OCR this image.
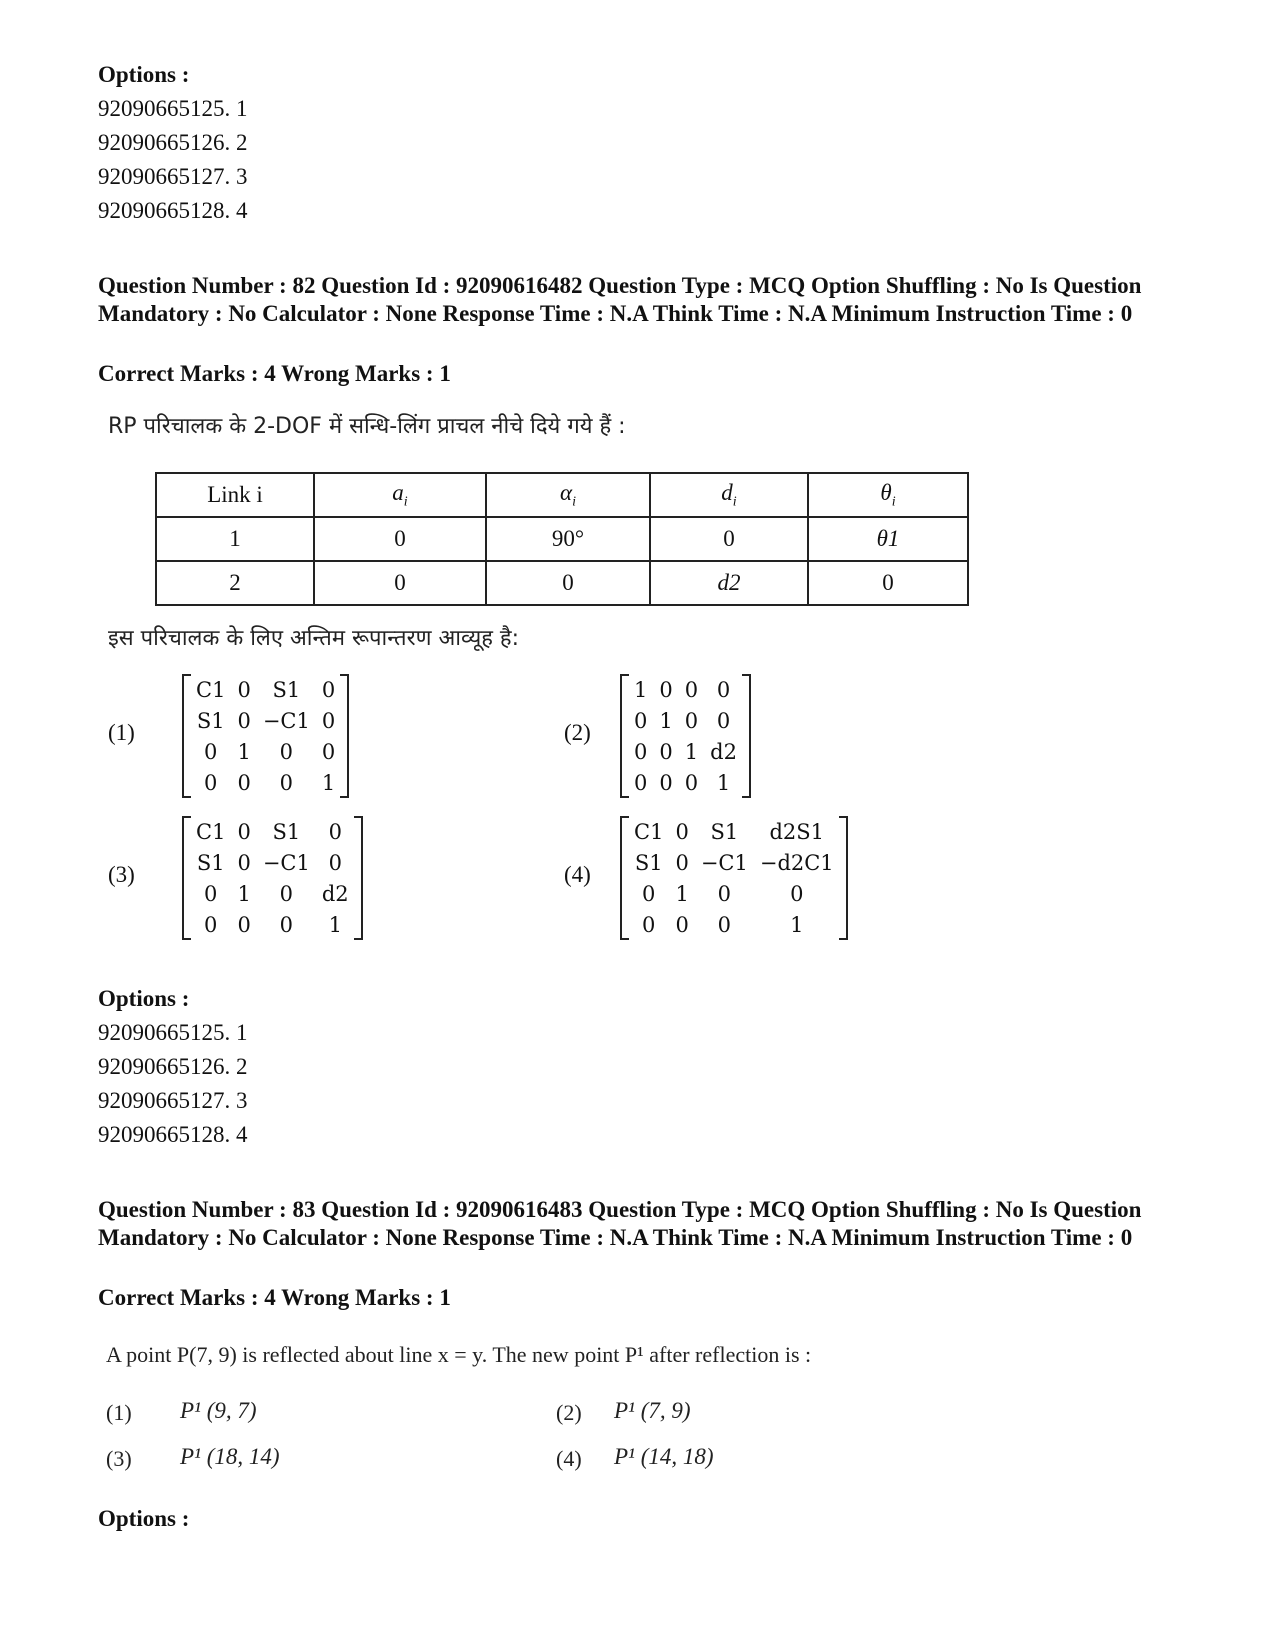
Options :
92090665125. 1
92090665126. 2
92090665127. 3
92090665128. 4
Question Number : 82 Question Id : 92090616482 Question Type : MCQ Option Shuffling : No Is Question Mandatory : No Calculator : None Response Time : N.A Think Time : N.A Minimum Instruction Time : 0
Correct Marks : 4 Wrong Marks : 1
RP परिचालक के 2-DOF में सन्धि-लिंग प्राचल नीचे दिये गये हैं :
Link i	$a_i$	$\alpha_i$	$d_i$	$\theta_i$
1	0	90°	0	θ1
2	0	0	d2	0
इस परिचालक के लिए अन्तिम रूपान्तरण आव्यूह है:
(1)
C1	0	S1	0
S1	0	−C1	0
0	1	0	0
0	0	0	1
(2)
1	0	0	0
0	1	0	0
0	0	1	d2
0	0	0	1
(3)
C1	0	S1	0
S1	0	−C1	0
0	1	0	d2
0	0	0	1
(4)
C1	0	S1	d2S1
S1	0	−C1	−d2C1
0	1	0	0
0	0	0	1
Options :
92090665125. 1
92090665126. 2
92090665127. 3
92090665128. 4
Question Number : 83 Question Id : 92090616483 Question Type : MCQ Option Shuffling : No Is Question Mandatory : No Calculator : None Response Time : N.A Think Time : N.A Minimum Instruction Time : 0
Correct Marks : 4 Wrong Marks : 1
A point P(7, 9) is reflected about line x = y. The new point P¹ after reflection is :
(1) P¹ (9, 7)	(2) P¹ (7, 9)
(3) P¹ (18, 14)	(4) P¹ (14, 18)
Options :
